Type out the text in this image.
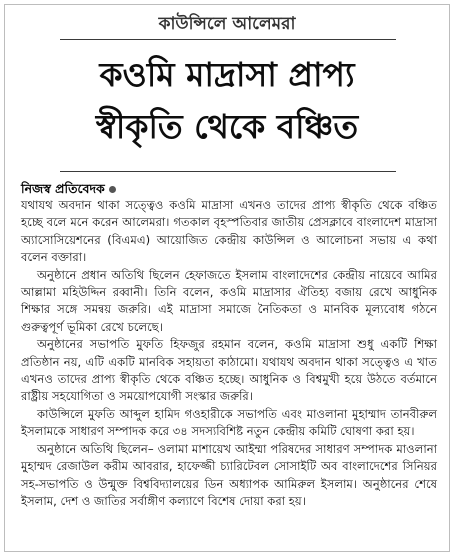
কাউন্সিলে আলেমরা
কওমি মাদ্রাসা প্রাপ্য
স্বীকৃতি থেকে বঞ্চিত
নিজস্ব প্রতিবেদক

যথাযথ অবদান থাকা সত্ত্বেও কওমি মাদ্রাসা এখনও তাদের প্রাপ্য স্বীকৃতি থেকে বঞ্চিত হচ্ছে বলে মনে করেন আলেমরা। গতকাল বৃহস্পতিবার জাতীয় প্রেসক্লাবে বাংলাদেশ মাদ্রাসা অ্যাসোসিয়েশনের (বিএমএ) আয়োজিত কেন্দ্রীয় কাউন্সিল ও আলোচনা সভায় এ কথা বলেন বক্তারা।

অনুষ্ঠানে প্রধান অতিথি ছিলেন হেফাজতে ইসলাম বাংলাদেশের কেন্দ্রীয় নায়েবে আমির আল্লামা মহিউদ্দিন রব্বানী। তিনি বলেন, কওমি মাদ্রাসার ঐতিহ্য বজায় রেখে আধুনিক শিক্ষার সঙ্গে সমন্বয় জরুরি। এই মাদ্রাসা সমাজে নৈতিকতা ও মানবিক মূল্যবোধ গঠনে গুরুত্বপূর্ণ ভূমিকা রেখে চলেছে।

অনুষ্ঠানের সভাপতি মুফতি হিফজুর রহমান বলেন, কওমি মাদ্রাসা শুধু একটি শিক্ষা প্রতিষ্ঠান নয়, এটি একটি মানবিক সহায়তা কাঠামো। যথাযথ অবদান থাকা সত্ত্বেও এ খাত এখনও তাদের প্রাপ্য স্বীকৃতি থেকে বঞ্চিত হচ্ছে। আধুনিক ও বিশ্বমুখী হয়ে উঠতে বর্তমানে রাষ্ট্রীয় সহযোগিতা ও সময়োপযোগী সংস্কার জরুরি।

কাউন্সিলে মুফতি আব্দুল হামিদ গওহারীকে সভাপতি এবং মাওলানা মুহাম্মাদ তানবীরুল ইসলামকে সাধারণ সম্পাদক করে ৩৪ সদস্যবিশিষ্ট নতুন কেন্দ্রীয় কমিটি ঘোষণা করা হয়।

অনুষ্ঠানে অতিথি ছিলেন– ওলামা মাশায়েখ আইম্মা পরিষদের সাধারণ সম্পাদক মাওলানা মুহাম্মদ রেজাউল করীম আবরার, হাফেজ্জী চ্যারিটেবল সোসাইটি অব বাংলাদেশের সিনিয়র সহ-সভাপতি ও উন্মুক্ত বিশ্ববিদ্যালয়ের ডিন অধ্যাপক আমিরুল ইসলাম। অনুষ্ঠানের শেষে ইসলাম, দেশ ও জাতির সর্বাঙ্গীণ কল্যাণে বিশেষ দোয়া করা হয়।
